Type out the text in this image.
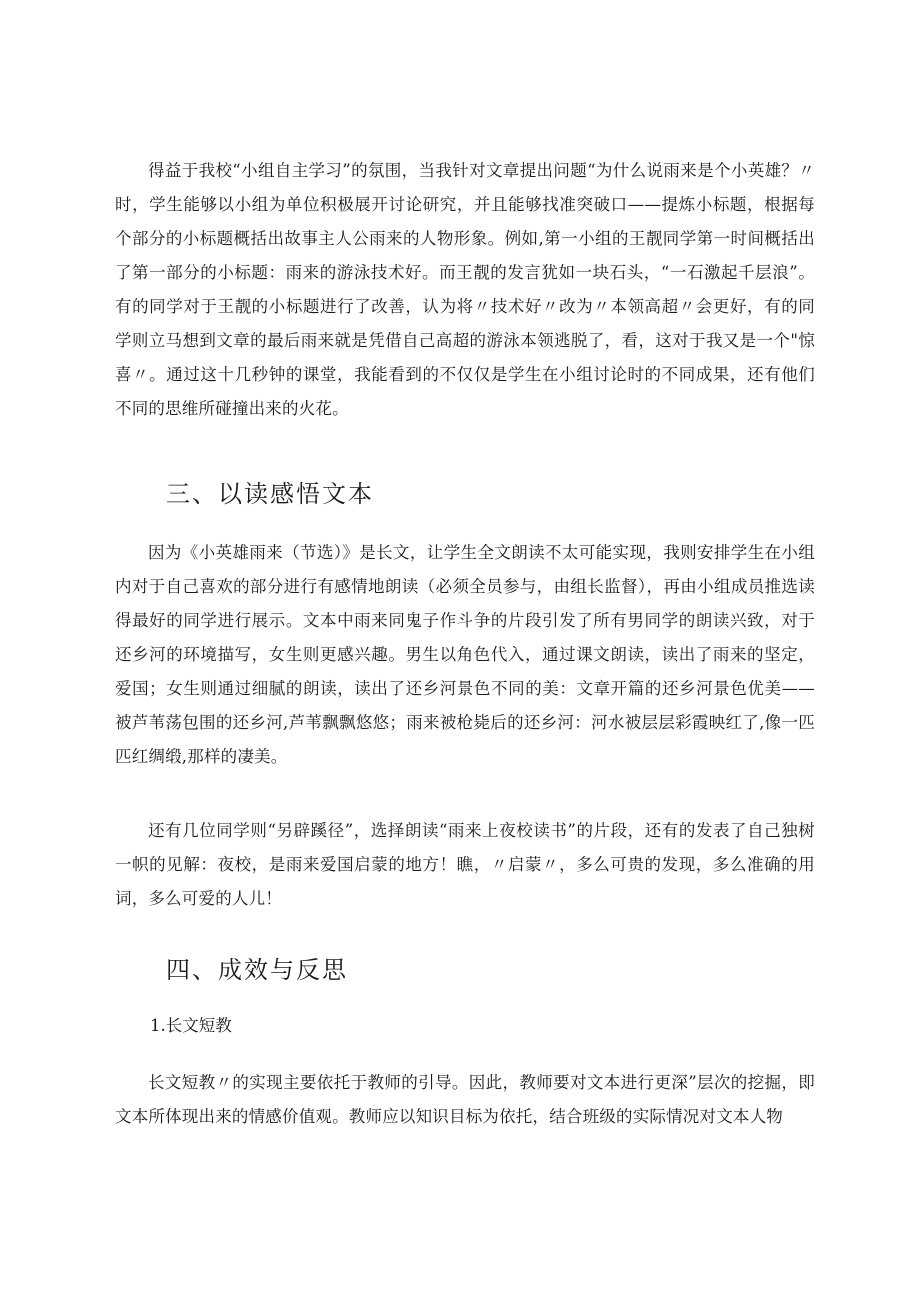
得益于我校“小组自主学习”的氛围，当我针对文章提出问题“为什么说雨来是个小英雄？〃时，学生能够以小组为单位积极展开讨论研究，并且能够找准突破口——提炼小标题，根据每个部分的小标题概括出故事主人公雨来的人物形象。例如,第一小组的王靓同学第一时间概括出了第一部分的小标题：雨来的游泳技术好。而王靓的发言犹如一块石头，“一石激起千层浪”。有的同学对于王靓的小标题进行了改善，认为将〃技术好〃改为〃本领高超〃会更好，有的同学则立马想到文章的最后雨来就是凭借自己高超的游泳本领逃脱了，看，这对于我又是一个"惊喜〃。通过这十几秒钟的课堂，我能看到的不仅仅是学生在小组讨论时的不同成果，还有他们不同的思维所碰撞出来的火花。

三、以读感悟文本

因为《小英雄雨来（节选）》是长文，让学生全文朗读不太可能实现，我则安排学生在小组内对于自己喜欢的部分进行有感情地朗读（必须全员参与，由组长监督），再由小组成员推选读得最好的同学进行展示。文本中雨来同鬼子作斗争的片段引发了所有男同学的朗读兴致，对于还乡河的环境描写，女生则更感兴趣。男生以角色代入，通过课文朗读，读出了雨来的坚定，爱国；女生则通过细腻的朗读，读出了还乡河景色不同的美：文章开篇的还乡河景色优美——被芦苇荡包围的还乡河,芦苇飘飘悠悠；雨来被枪毙后的还乡河：河水被层层彩霞映红了,像一匹匹红绸缎,那样的凄美。

还有几位同学则“另辟蹊径”，选择朗读“雨来上夜校读书”的片段，还有的发表了自己独树一帜的见解：夜校，是雨来爱国启蒙的地方！瞧，〃启蒙〃，多么可贵的发现，多么准确的用词，多么可爱的人儿！

四、成效与反思

1.长文短教

长文短教〃的实现主要依托于教师的引导。因此，教师要对文本进行更深”层次的挖掘，即文本所体现出来的情感价值观。教师应以知识目标为依托，结合班级的实际情况对文本人物
